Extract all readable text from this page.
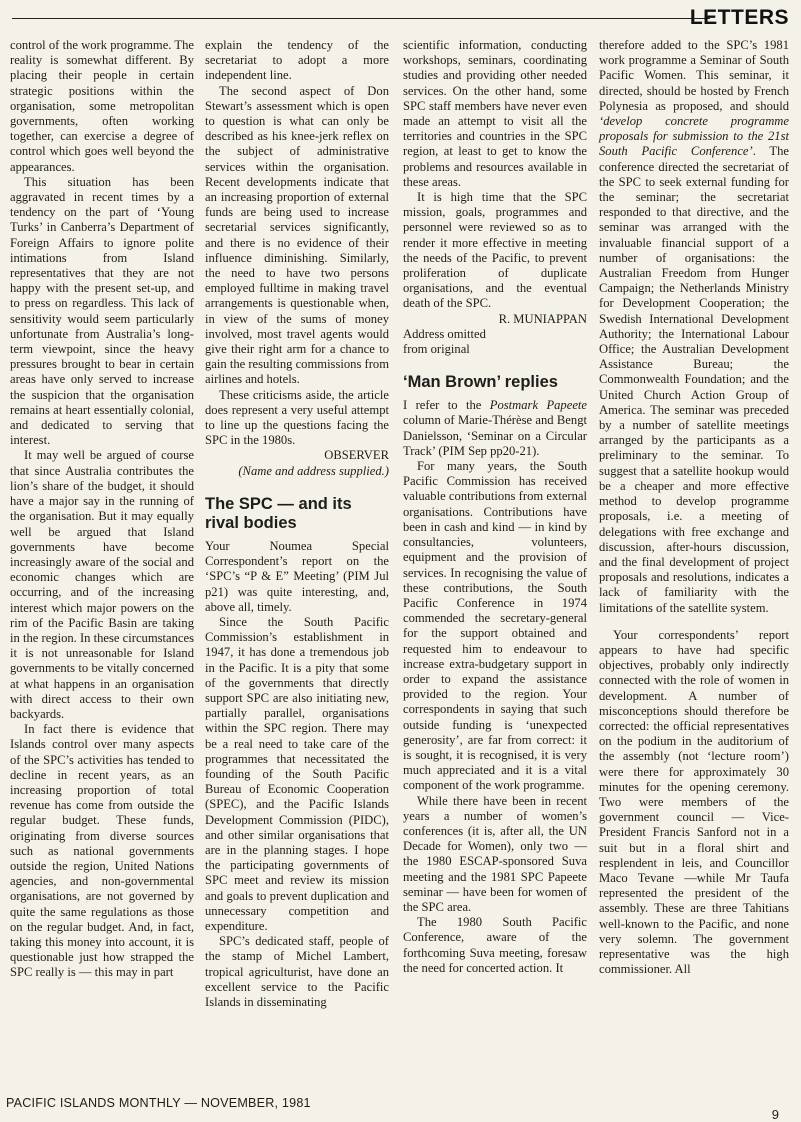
LETTERS

control of the work programme. The reality is somewhat different. By placing their people in certain strategic positions within the organisation, some metropolitan governments, often working together, can exercise a degree of control which goes well beyond the appearances.

This situation has been aggravated in recent times by a tendency on the part of ‘Young Turks’ in Canberra’s Department of Foreign Affairs to ignore polite intimations from Island representatives that they are not happy with the present set-up, and to press on regardless. This lack of sensitivity would seem particularly unfortunate from Australia’s long-term viewpoint, since the heavy pressures brought to bear in certain areas have only served to increase the suspicion that the organisation remains at heart essentially colonial, and dedicated to serving that interest.

It may well be argued of course that since Australia contributes the lion’s share of the budget, it should have a major say in the running of the organisation. But it may equally well be argued that Island governments have become increasingly aware of the social and economic changes which are occurring, and of the increasing interest which major powers on the rim of the Pacific Basin are taking in the region. In these circumstances it is not unreasonable for Island governments to be vitally concerned at what happens in an organisation with direct access to their own backyards.

In fact there is evidence that Islands control over many aspects of the SPC’s activities has tended to decline in recent years, as an increasing proportion of total revenue has come from outside the regular budget. These funds, originating from diverse sources such as national governments outside the region, United Nations agencies, and non-governmental organisations, are not governed by quite the same regulations as those on the regular budget. And, in fact, taking this money into account, it is questionable just how strapped the SPC really is — this may in part

explain the tendency of the secretariat to adopt a more independent line.

The second aspect of Don Stewart’s assessment which is open to question is what can only be described as his knee-jerk reflex on the subject of administrative services within the organisation. Recent developments indicate that an increasing proportion of external funds are being used to increase secretarial services significantly, and there is no evidence of their influence diminishing. Similarly, the need to have two persons employed fulltime in making travel arrangements is questionable when, in view of the sums of money involved, most travel agents would give their right arm for a chance to gain the resulting commissions from airlines and hotels.

These criticisms aside, the article does represent a very useful attempt to line up the questions facing the SPC in the 1980s.

OBSERVER

(Name and address supplied.)

The SPC — and its rival bodies

Your Noumea Special Correspondent’s report on the ‘SPC’s “P & E” Meeting’ (PIM Jul p21) was quite interesting, and, above all, timely.

Since the South Pacific Commission’s establishment in 1947, it has done a tremendous job in the Pacific. It is a pity that some of the governments that directly support SPC are also initiating new, partially parallel, organisations within the SPC region. There may be a real need to take care of the programmes that necessitated the founding of the South Pacific Bureau of Economic Cooperation (SPEC), and the Pacific Islands Development Commission (PIDC), and other similar organisations that are in the planning stages. I hope the participating governments of SPC meet and review its mission and goals to prevent duplication and unnecessary competition and expenditure.

SPC’s dedicated staff, people of the stamp of Michel Lambert, tropical agriculturist, have done an excellent service to the Pacific Islands in disseminating

scientific information, conducting workshops, seminars, coordinating studies and providing other needed services. On the other hand, some SPC staff members have never even made an attempt to visit all the territories and countries in the SPC region, at least to get to know the problems and resources available in these areas.

It is high time that the SPC mission, goals, programmes and personnel were reviewed so as to render it more effective in meeting the needs of the Pacific, to prevent proliferation of duplicate organisations, and the eventual death of the SPC.

R. MUNIAPPAN

Address omitted

from original

‘Man Brown’ replies

I refer to the Postmark Papeete column of Marie-Thérèse and Bengt Danielsson, ‘Seminar on a Circular Track’ (PIM Sep pp20-21).

For many years, the South Pacific Commission has received valuable contributions from external organisations. Contributions have been in cash and kind — in kind by consultancies, volunteers, equipment and the provision of services. In recognising the value of these contributions, the South Pacific Conference in 1974 commended the secretary-general for the support obtained and requested him to endeavour to increase extra-budgetary support in order to expand the assistance provided to the region. Your correspondents in saying that such outside funding is ‘unexpected generosity’, are far from correct: it is sought, it is recognised, it is very much appreciated and it is a vital component of the work programme.

While there have been in recent years a number of women’s conferences (it is, after all, the UN Decade for Women), only two — the 1980 ESCAP-sponsored Suva meeting and the 1981 SPC Papeete seminar — have been for women of the SPC area.

The 1980 South Pacific Conference, aware of the forthcoming Suva meeting, foresaw the need for concerted action. It

therefore added to the SPC’s 1981 work programme a Seminar of South Pacific Women. This seminar, it directed, should be hosted by French Polynesia as proposed, and should ‘develop concrete programme proposals for submission to the 21st South Pacific Conference’. The conference directed the secretariat of the SPC to seek external funding for the seminar; the secretariat responded to that directive, and the seminar was arranged with the invaluable financial support of a number of organisations: the Australian Freedom from Hunger Campaign; the Netherlands Ministry for Development Cooperation; the Swedish International Development Authority; the International Labour Office; the Australian Development Assistance Bureau; the Commonwealth Foundation; and the United Church Action Group of America. The seminar was preceded by a number of satellite meetings arranged by the participants as a preliminary to the seminar. To suggest that a satellite hookup would be a cheaper and more effective method to develop programme proposals, i.e. a meeting of delegations with free exchange and discussion, after-hours discussion, and the final development of project proposals and resolutions, indicates a lack of familiarity with the limitations of the satellite system.

Your correspondents’ report appears to have had specific objectives, probably only indirectly connected with the role of women in development. A number of misconceptions should therefore be corrected: the official representatives on the podium in the auditorium of the assembly (not ‘lecture room’) were there for approximately 30 minutes for the opening ceremony. Two were members of the government council — Vice-President Francis Sanford not in a suit but in a floral shirt and resplendent in leis, and Councillor Maco Tevane —while Mr Taufa represented the president of the assembly. These are three Tahitians well-known to the Pacific, and none very solemn. The government representative was the high commissioner. All

PACIFIC ISLANDS MONTHLY — NOVEMBER, 1981
9
